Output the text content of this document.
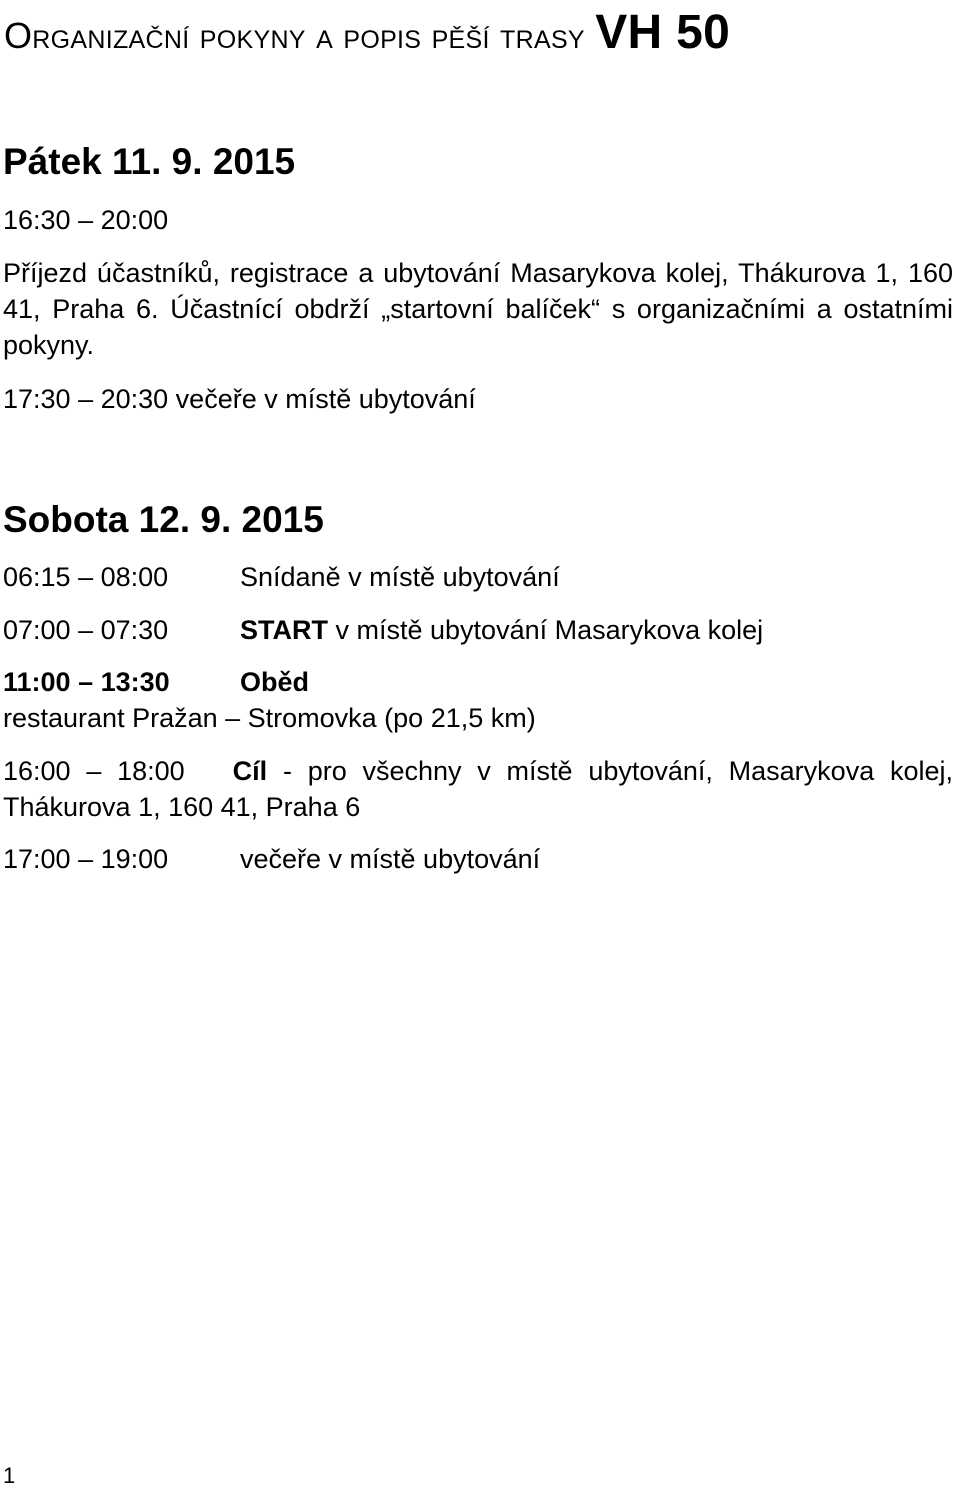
Organizační pokyny a popis pěší trasy VH 50
Pátek 11. 9. 2015
16:30 – 20:00

Příjezd účastníků, registrace a ubytování Masarykova kolej, Thákurova 1, 160 41, Praha 6. Účastnící obdrží „startovní balíček“ s organizačními a ostatními pokyny.

17:30 – 20:30 večeře v místě ubytování
Sobota 12. 9. 2015
06:15 – 08:00	Snídaně v místě ubytování
07:00 – 07:30	START v místě ubytování Masarykova kolej
11:00 – 13:30	Oběd
restaurant Pražan – Stromovka (po 21,5 km)

16:00 – 18:00 Cíl - pro všechny v místě ubytování, Masarykova kolej, Thákurova 1, 160 41, Praha 6

17:00 – 19:00	večeře v místě ubytování
1
